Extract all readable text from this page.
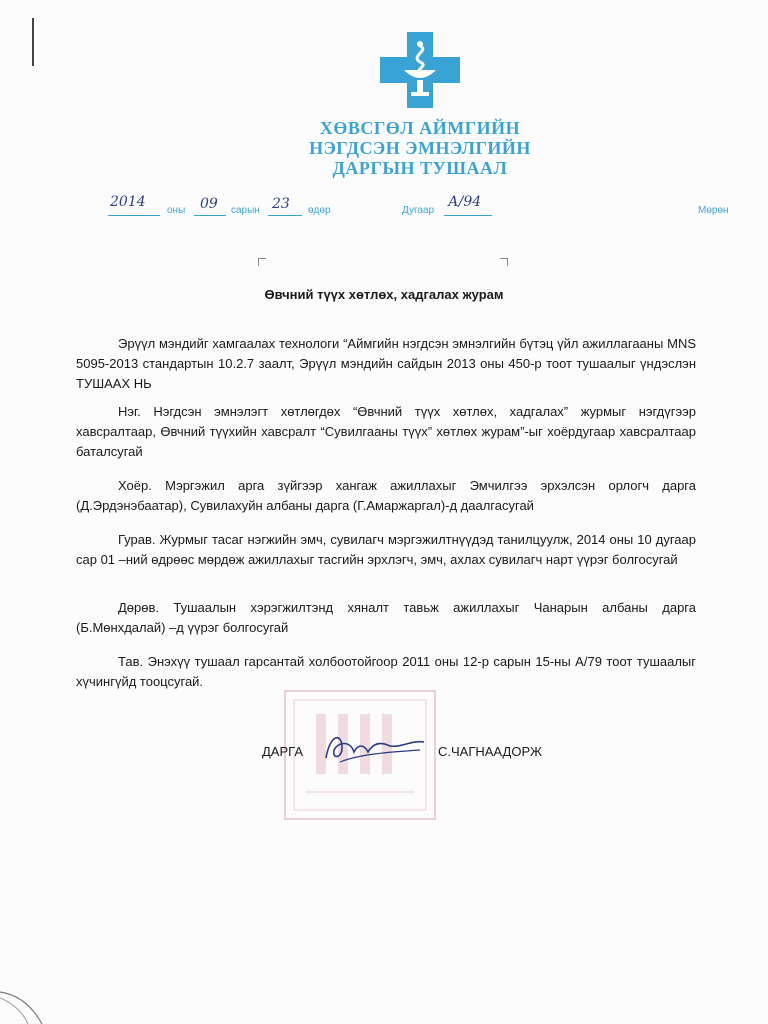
ХӨВСГӨЛ АЙМГИЙН
НЭГДСЭН ЭМНЭЛГИЙН
ДАРГЫН ТУШААЛ
2014
оны 09 сарын 23 өдөр	Дугаар
А/94
Мөрөн
Өвчний түүх хөтлөх, хадгалах журам

Эрүүл мэндийг хамгаалах технологи “Аймгийн нэгдсэн эмнэлгийн бүтэц үйл ажиллагааны MNS 5095-2013 стандартын 10.2.7 заалт, Эрүүл мэндийн сайдын 2013 оны 450-р тоот тушаалыг үндэслэн ТУШААХ НЬ

Нэг. Нэгдсэн эмнэлэгт хөтлөгдөх “Өвчний түүх хөтлөх, хадгалах” журмыг нэгдүгээр хавсралтаар, Өвчний түүхийн хавсралт “Сувилгааны түүх” хөтлөх журам”-ыг хоёрдугаар хавсралтаар баталсугай

Хоёр. Мэргэжил арга зүйгээр хангаж ажиллахыг Эмчилгээ эрхэлсэн орлогч дарга (Д.Эрдэнэбаатар), Сувилахуйн албаны дарга (Г.Амаржаргал)-д даалгасугай

Гурав. Журмыг тасаг нэгжийн эмч, сувилагч мэргэжилтнүүдэд танилцуулж, 2014 оны 10 дугаар сар 01 –ний өдрөөс мөрдөж ажиллахыг тасгийн эрхлэгч, эмч, ахлах сувилагч нарт үүрэг болгосугай

Дөрөв. Тушаалын хэрэгжилтэнд хяналт тавьж ажиллахыг Чанарын албаны дарга (Б.Мөнхдалай) –д үүрэг болгосугай

Тав. Энэхүү тушаал гарсантай холбоотойгоор 2011 оны 12-р сарын 15-ны А/79 тоот тушаалыг хүчингүйд тооцсугай.

ДАРГА	С.ЧАГНААДОРЖ
